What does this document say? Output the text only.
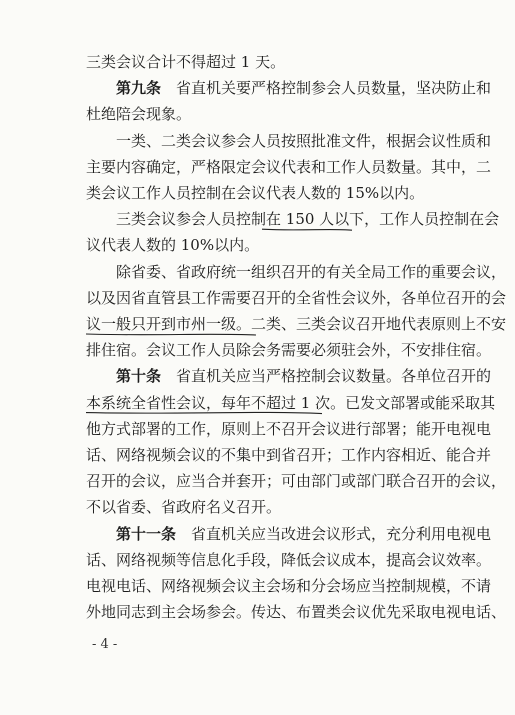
三类会议合计不得超过 1 天。
第九条　省直机关要严格控制参会人员数量，坚决防止和
杜绝陪会现象。
一类、二类会议参会人员按照批准文件，根据会议性质和
主要内容确定，严格限定会议代表和工作人员数量。其中，二
类会议工作人员控制在会议代表人数的 15%以内。
三类会议参会人员控制在 150 人以下，工作人员控制在会
议代表人数的 10%以内。
除省委、省政府统一组织召开的有关全局工作的重要会议，
以及因省直管县工作需要召开的全省性会议外，各单位召开的会
议一般只开到市州一级。二类、三类会议召开地代表原则上不安
排住宿。会议工作人员除会务需要必须驻会外，不安排住宿。
第十条　省直机关应当严格控制会议数量。各单位召开的
本系统全省性会议，每年不超过 1 次。已发文部署或能采取其
他方式部署的工作，原则上不召开会议进行部署；能开电视电
话、网络视频会议的不集中到省召开；工作内容相近、能合并
召开的会议，应当合并套开；可由部门或部门联合召开的会议，
不以省委、省政府名义召开。
第十一条　省直机关应当改进会议形式，充分利用电视电
话、网络视频等信息化手段，降低会议成本，提高会议效率。
电视电话、网络视频会议主会场和分会场应当控制规模，不请
外地同志到主会场参会。传达、布置类会议优先采取电视电话、
- 4 -
